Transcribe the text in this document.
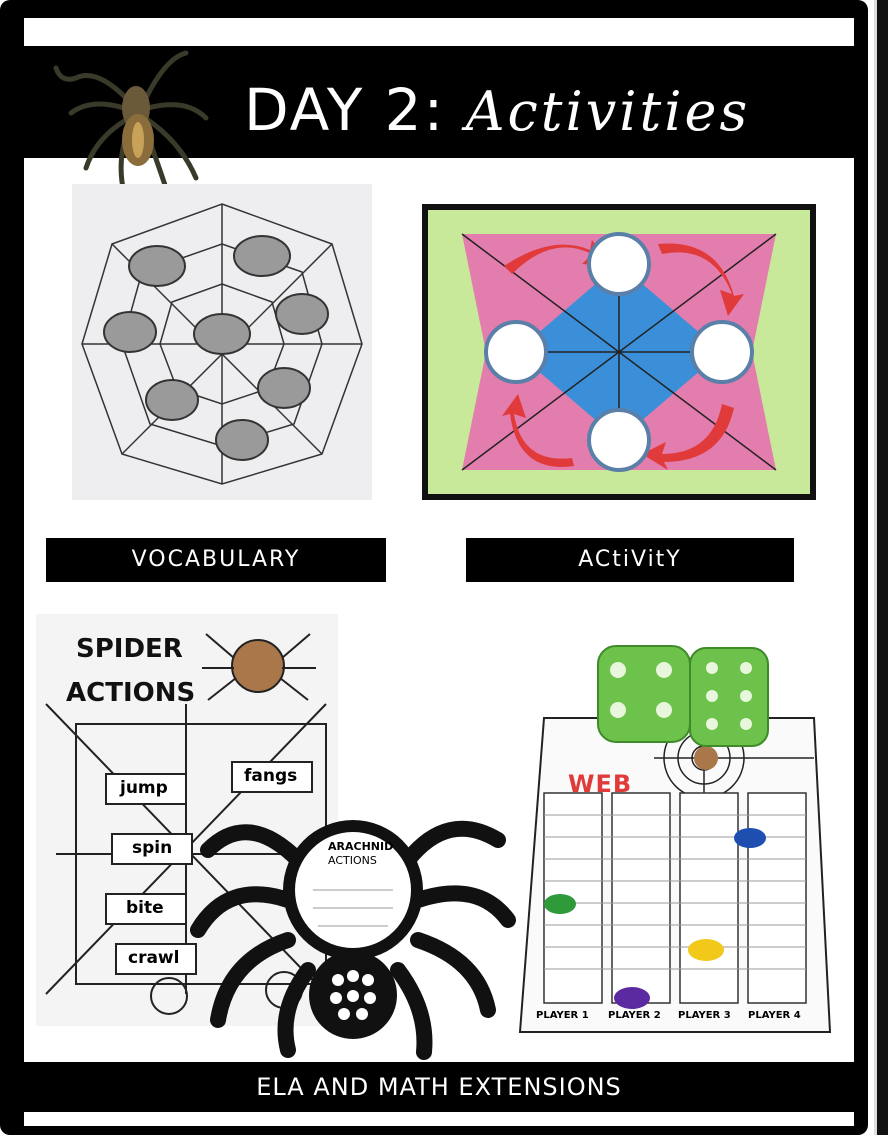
DAY 2: Activities
VOCABULARY	ACtiVitY
SPIDER
ACTIONS
jump
fangs
spin
bite
crawl
WEB
PLAYER 1 PLAYER 2 PLAYER 3 PLAYER 4
ARACHNID
ACTIONS
ELA AND MATH EXTENSIONS
